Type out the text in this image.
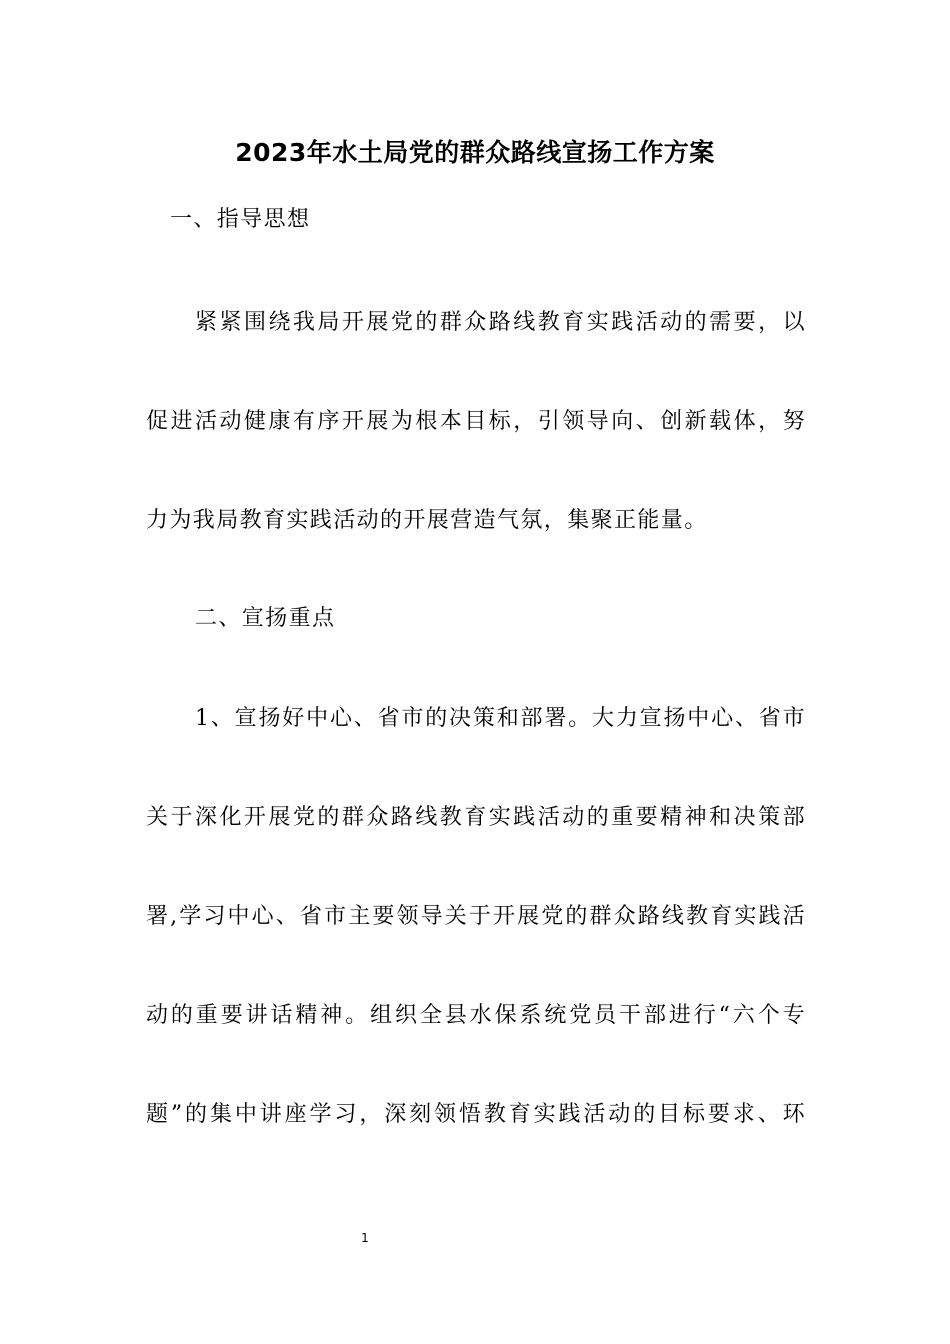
2023年水土局党的群众路线宣扬工作方案
一、指导思想
紧紧围绕我局开展党的群众路线教育实践活动的需要，以
促进活动健康有序开展为根本目标，引领导向、创新载体，努
力为我局教育实践活动的开展营造气氛，集聚正能量。
二、宣扬重点
1、宣扬好中心、省市的决策和部署。大力宣扬中心、省市
关于深化开展党的群众路线教育实践活动的重要精神和决策部
署,学习中心、省市主要领导关于开展党的群众路线教育实践活
动的重要讲话精神。组织全县水保系统党员干部进行“六个专
题”的集中讲座学习，深刻领悟教育实践活动的目标要求、环
1
